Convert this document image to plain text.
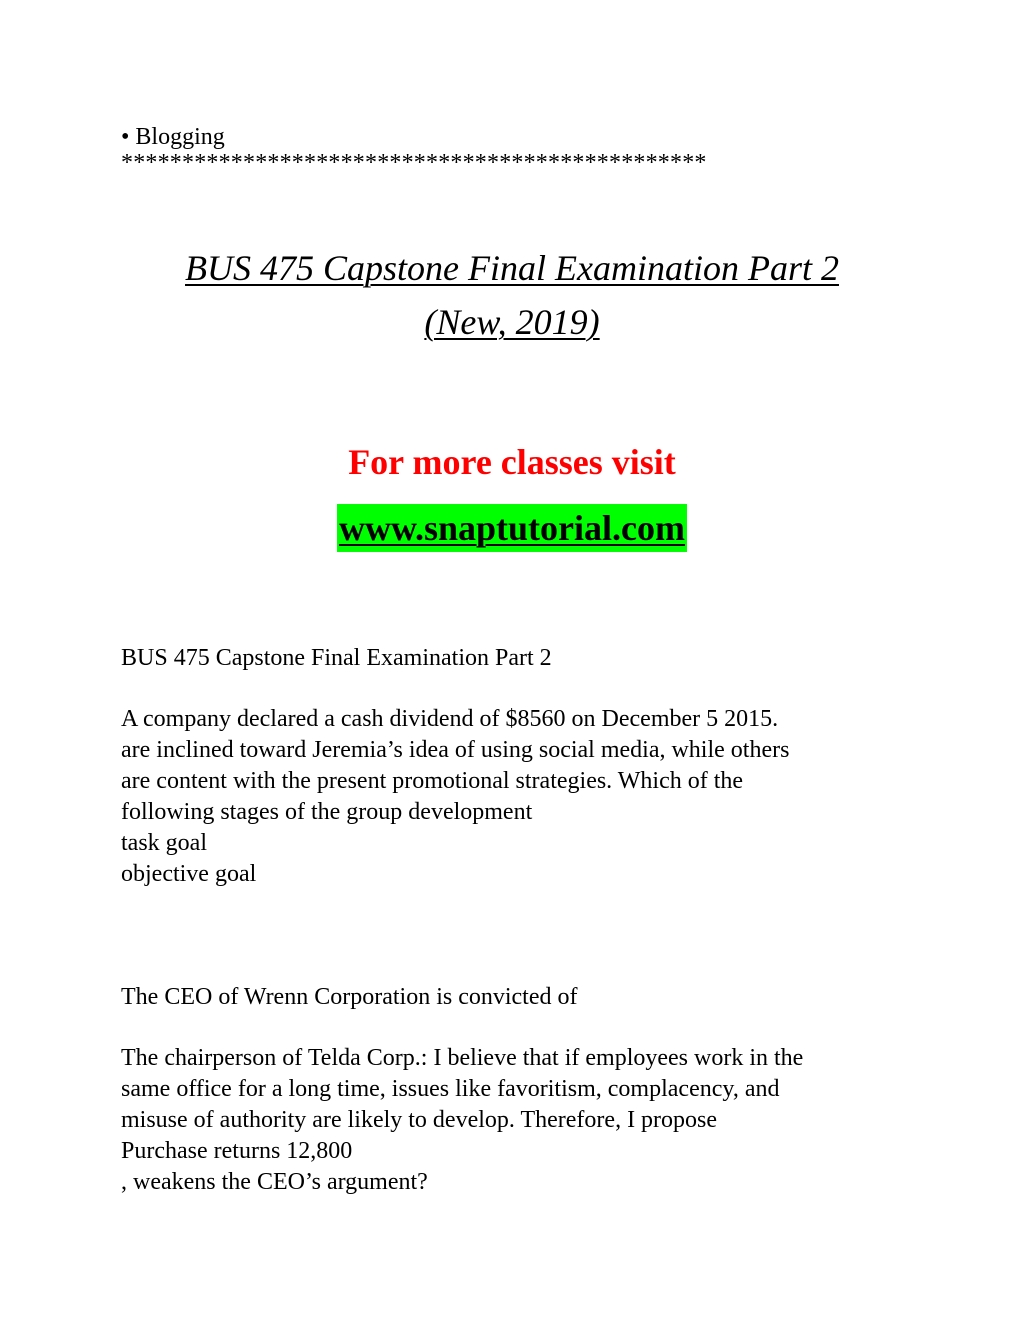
• Blogging
************************************************
BUS 475 Capstone Final Examination Part 2
(New, 2019)
For more classes visit
www.snaptutorial.com
BUS 475 Capstone Final Examination Part 2
A company declared a cash dividend of $8560 on December 5 2015.
are inclined toward Jeremia’s idea of using social media, while others
are content with the present promotional strategies. Which of the
following stages of the group development
task goal
objective goal
The CEO of Wrenn Corporation is convicted of
The chairperson of Telda Corp.: I believe that if employees work in the
same office for a long time, issues like favoritism, complacency, and
misuse of authority are likely to develop. Therefore, I propose
Purchase returns 12,800
, weakens the CEO’s argument?
